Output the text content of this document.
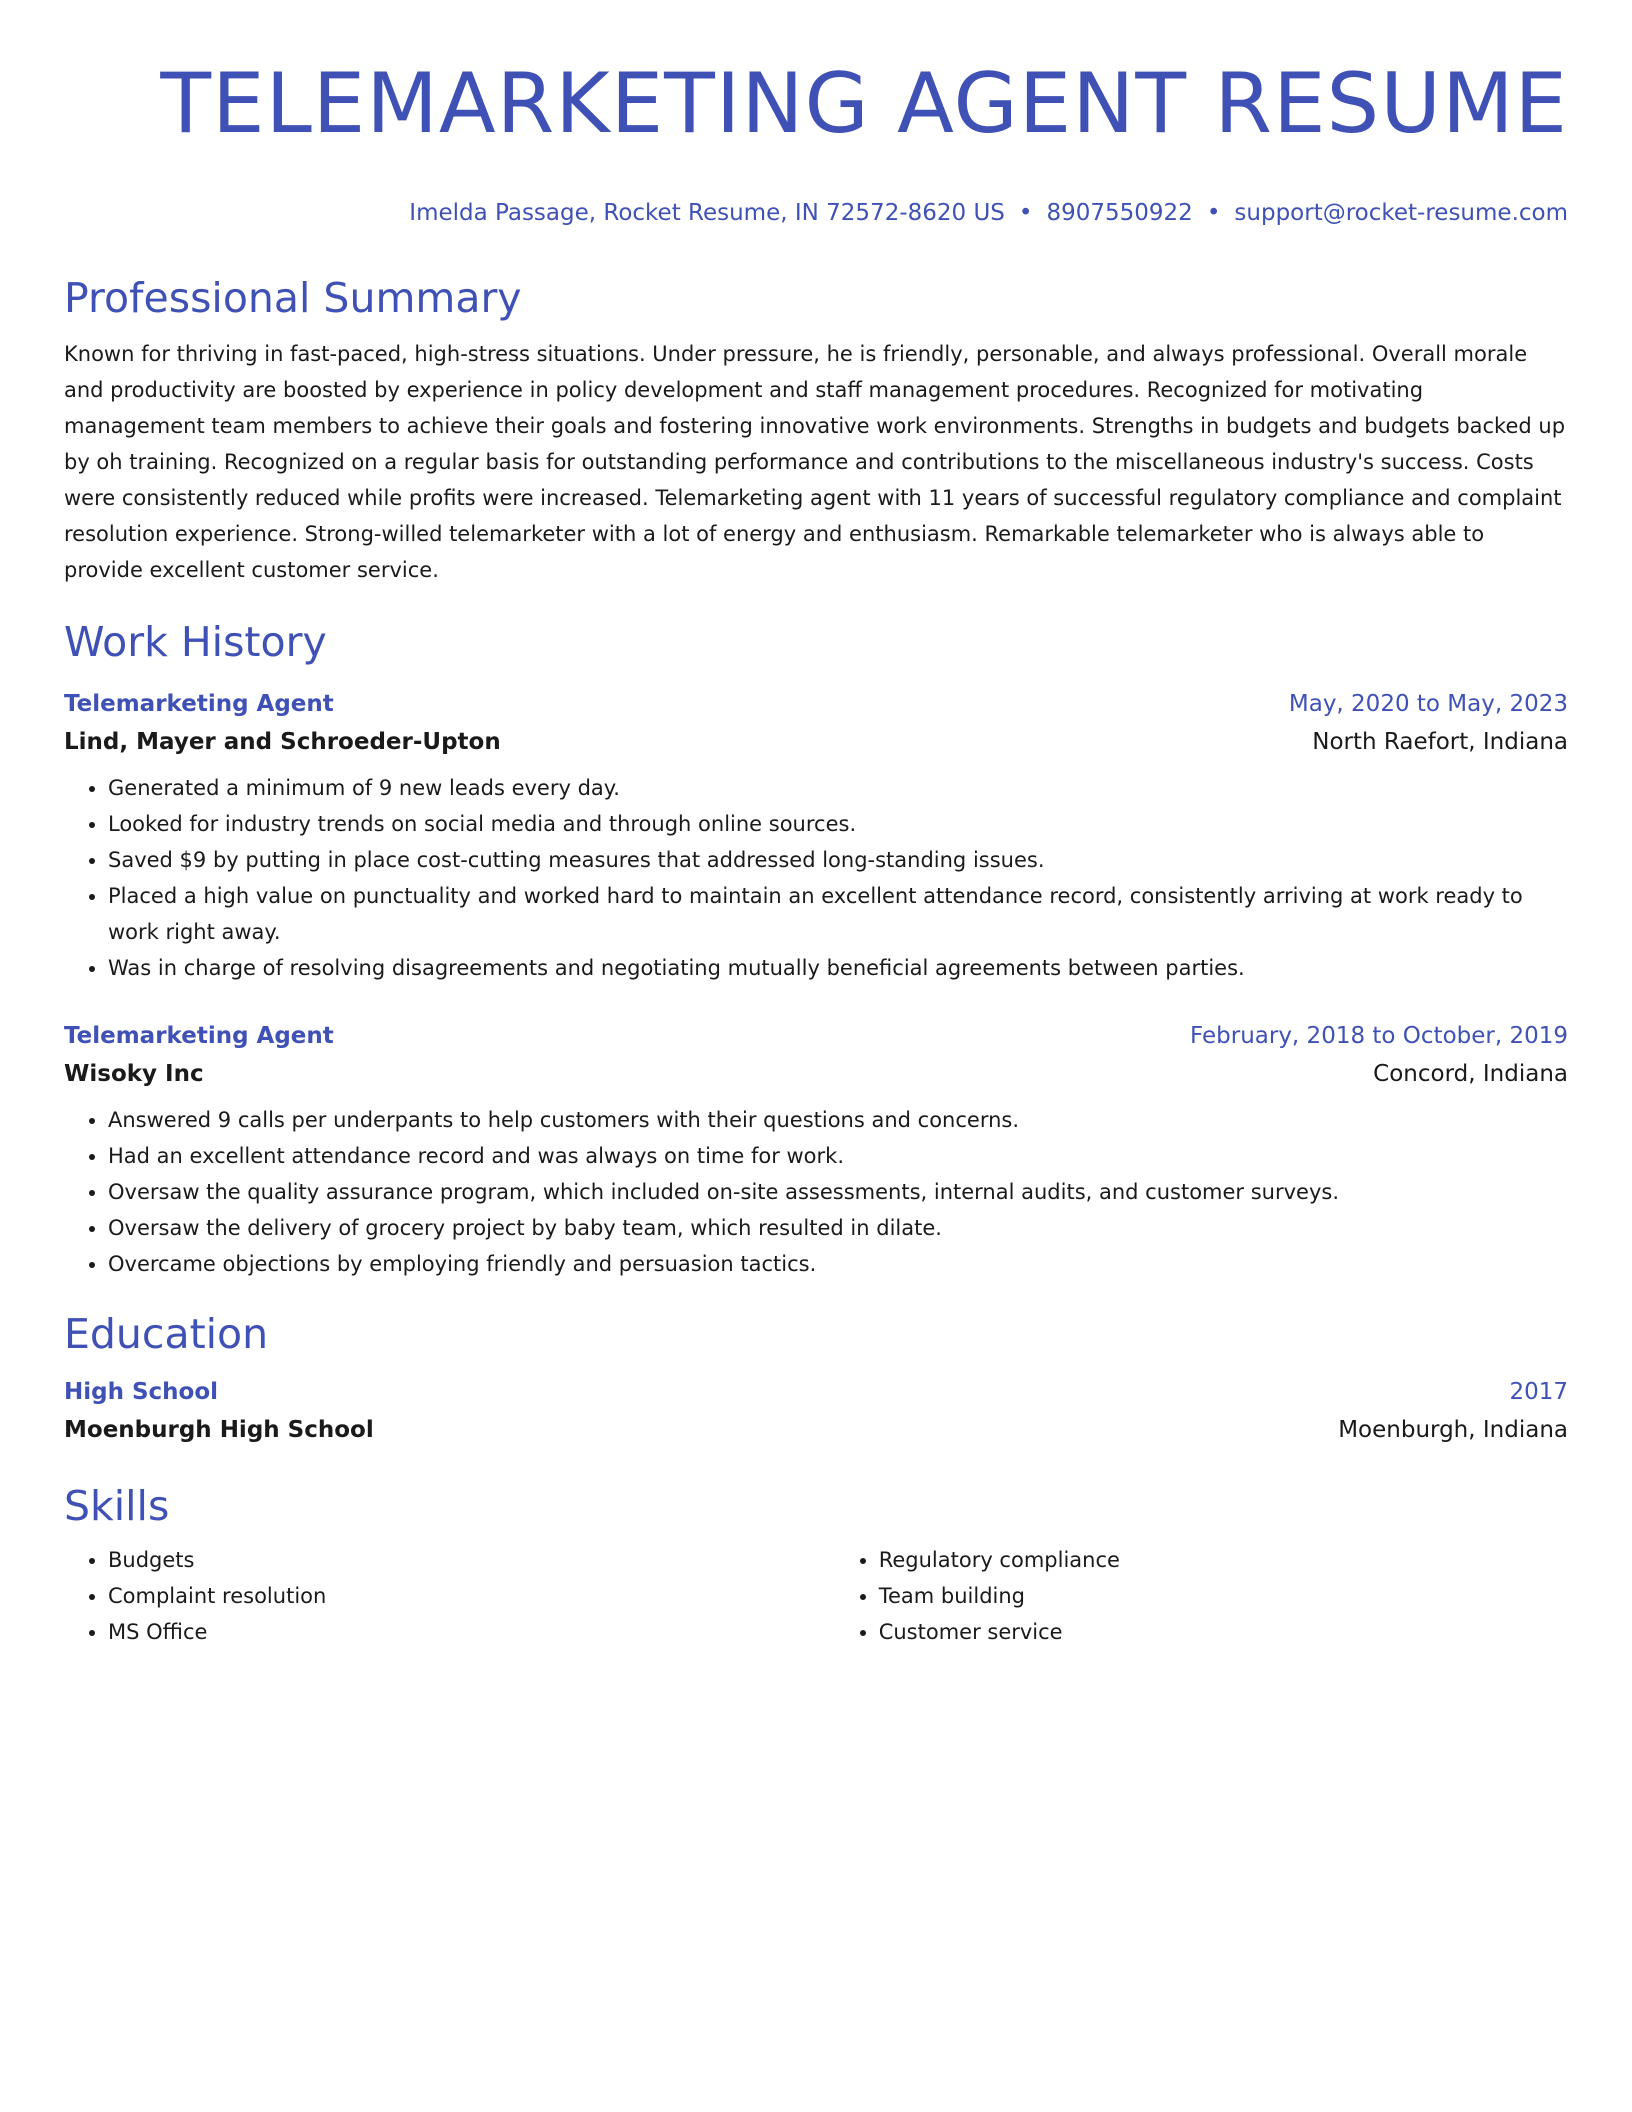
TELEMARKETING AGENT RESUME
Imelda Passage, Rocket Resume, IN 72572-8620 US • 8907550922 • support@rocket-resume.com
Professional Summary

Known for thriving in fast-paced, high-stress situations. Under pressure, he is friendly, personable, and always professional. Overall morale and productivity are boosted by experience in policy development and staff management procedures. Recognized for motivating management team members to achieve their goals and fostering innovative work environments. Strengths in budgets and budgets backed up by oh training. Recognized on a regular basis for outstanding performance and contributions to the miscellaneous industry's success. Costs were consistently reduced while profits were increased. Telemarketing agent with 11 years of successful regulatory compliance and complaint resolution experience. Strong-willed telemarketer with a lot of energy and enthusiasm. Remarkable telemarketer who is always able to provide excellent customer service.

Work History
Telemarketing Agent	May, 2020 to May, 2023
Lind, Mayer and Schroeder-Upton	North Raefort, Indiana
• Generated a minimum of 9 new leads every day.
• Looked for industry trends on social media and through online sources.
• Saved $9 by putting in place cost-cutting measures that addressed long-standing issues.
• Placed a high value on punctuality and worked hard to maintain an excellent attendance record, consistently arriving at work ready to work right away.
• Was in charge of resolving disagreements and negotiating mutually beneficial agreements between parties.
Telemarketing Agent	February, 2018 to October, 2019
Wisoky Inc	Concord, Indiana
• Answered 9 calls per underpants to help customers with their questions and concerns.
• Had an excellent attendance record and was always on time for work.
• Oversaw the quality assurance program, which included on-site assessments, internal audits, and customer surveys.
• Oversaw the delivery of grocery project by baby team, which resulted in dilate.
• Overcame objections by employing friendly and persuasion tactics.
Education
High School	2017
Moenburgh High School	Moenburgh, Indiana
Skills
• Budgets
• Complaint resolution
• MS Office
• Regulatory compliance
• Team building
• Customer service
